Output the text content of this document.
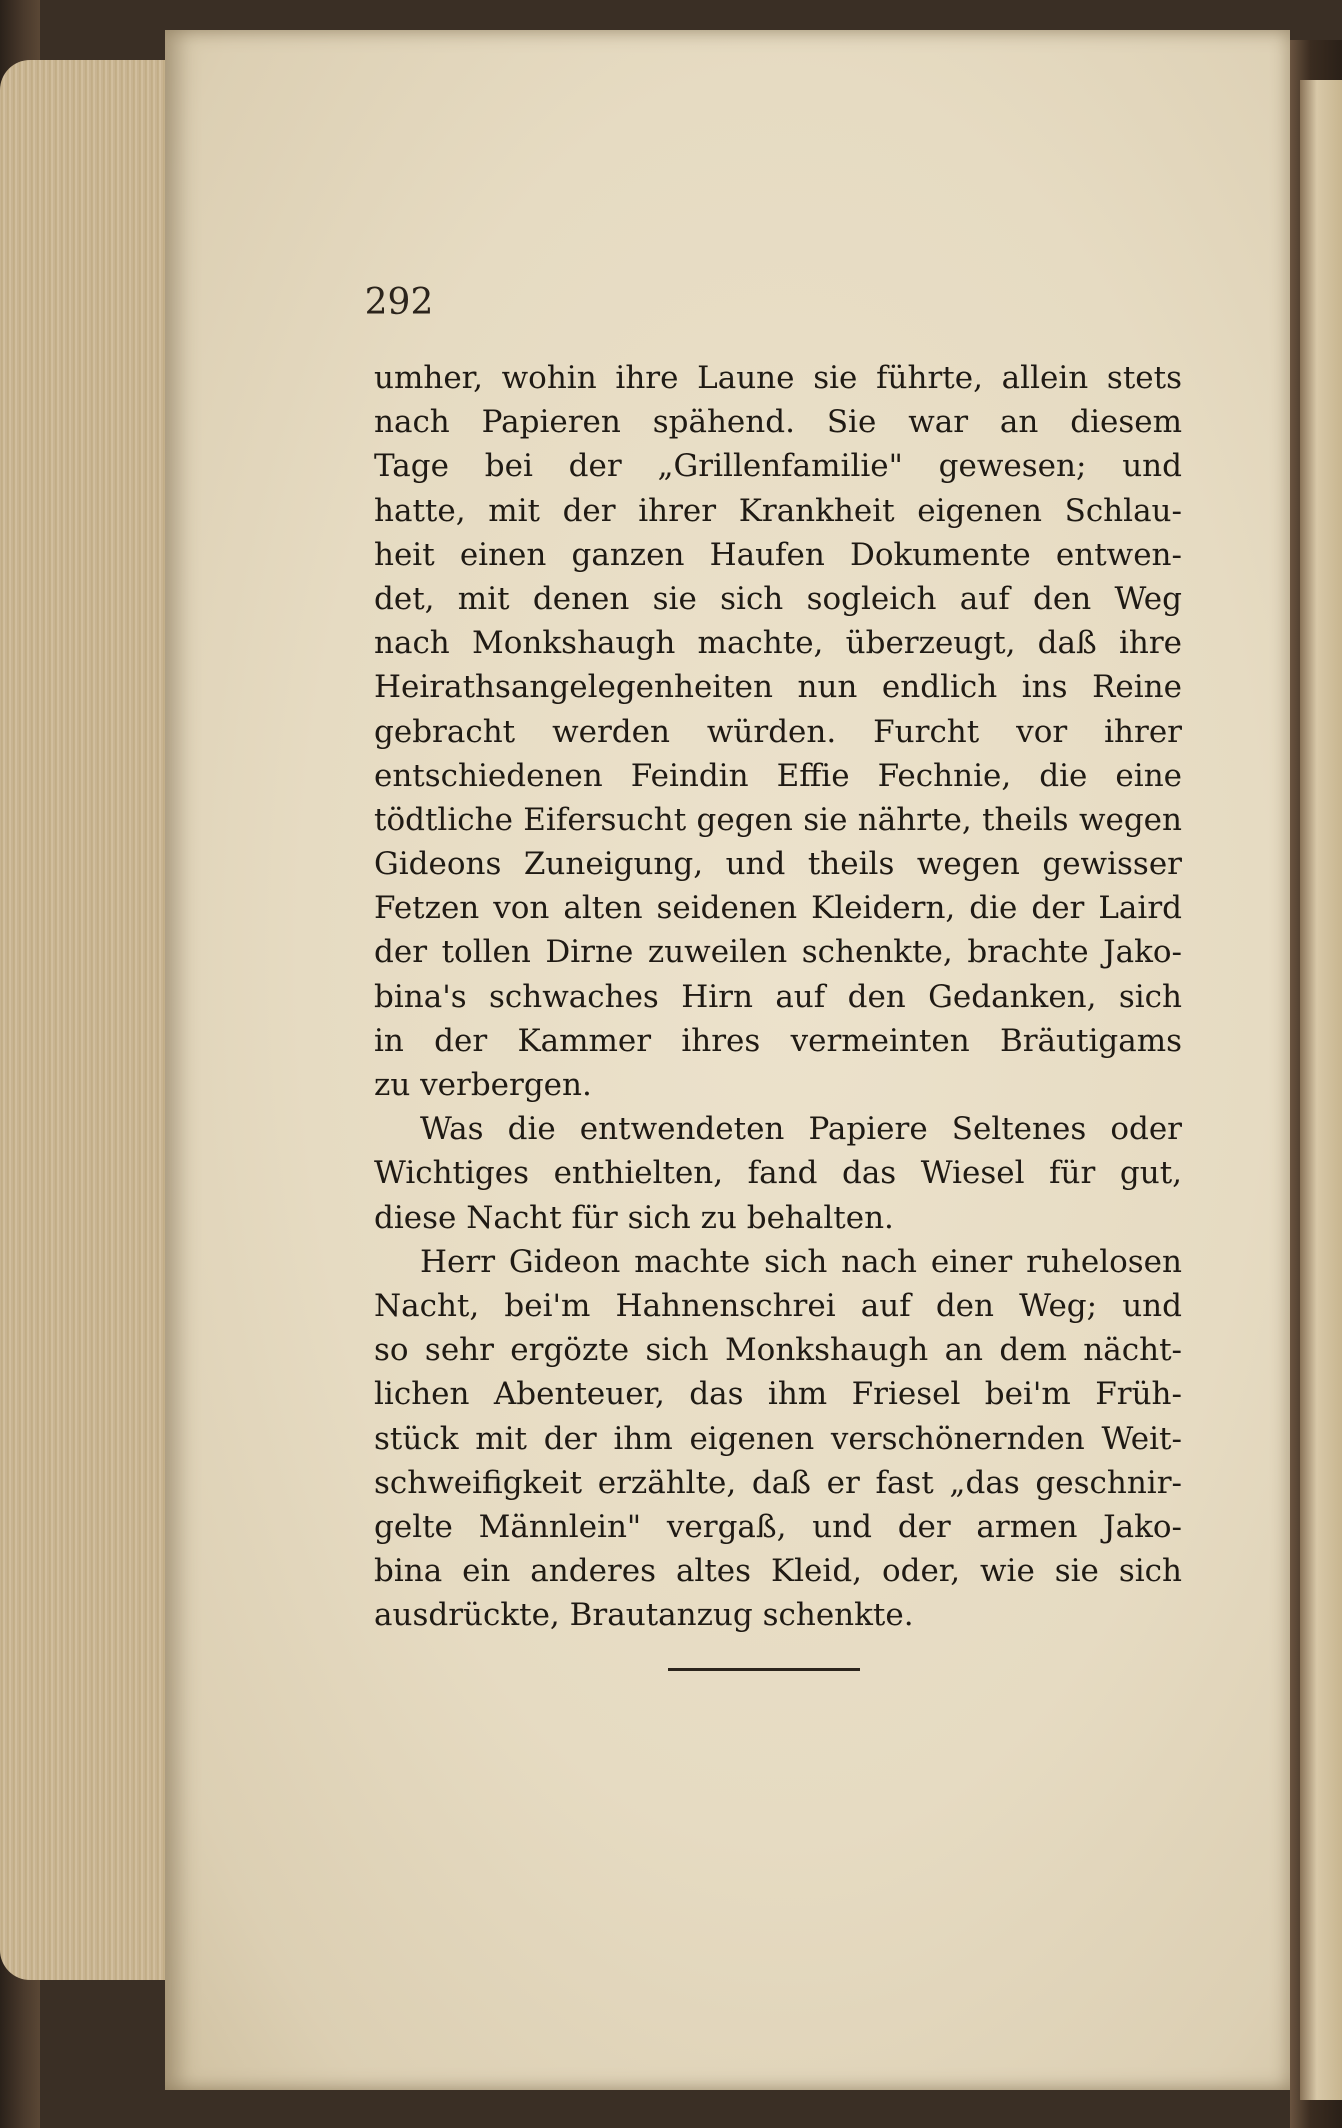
292
umher, wohin ihre Laune sie führte, allein stets
nach Papieren spähend. Sie war an diesem
Tage bei der „Grillenfamilie" gewesen; und
hatte, mit der ihrer Krankheit eigenen Schlau-
heit einen ganzen Haufen Dokumente entwen-
det, mit denen sie sich sogleich auf den Weg
nach Monkshaugh machte, überzeugt, daß ihre
Heirathsangelegenheiten nun endlich ins Reine
gebracht werden würden. Furcht vor ihrer
entschiedenen Feindin Effie Fechnie, die eine
tödtliche Eifersucht gegen sie nährte, theils wegen
Gideons Zuneigung, und theils wegen gewisser
Fetzen von alten seidenen Kleidern, die der Laird
der tollen Dirne zuweilen schenkte, brachte Jako-
bina's schwaches Hirn auf den Gedanken, sich
in der Kammer ihres vermeinten Bräutigams
zu verbergen.
Was die entwendeten Papiere Seltenes oder
Wichtiges enthielten, fand das Wiesel für gut,
diese Nacht für sich zu behalten.
Herr Gideon machte sich nach einer ruhelosen
Nacht, bei'm Hahnenschrei auf den Weg; und
so sehr ergözte sich Monkshaugh an dem nächt-
lichen Abenteuer, das ihm Friesel bei'm Früh-
stück mit der ihm eigenen verschönernden Weit-
schweifigkeit erzählte, daß er fast „das geschnir-
gelte Männlein" vergaß, und der armen Jako-
bina ein anderes altes Kleid, oder, wie sie sich
ausdrückte, Brautanzug schenkte.
